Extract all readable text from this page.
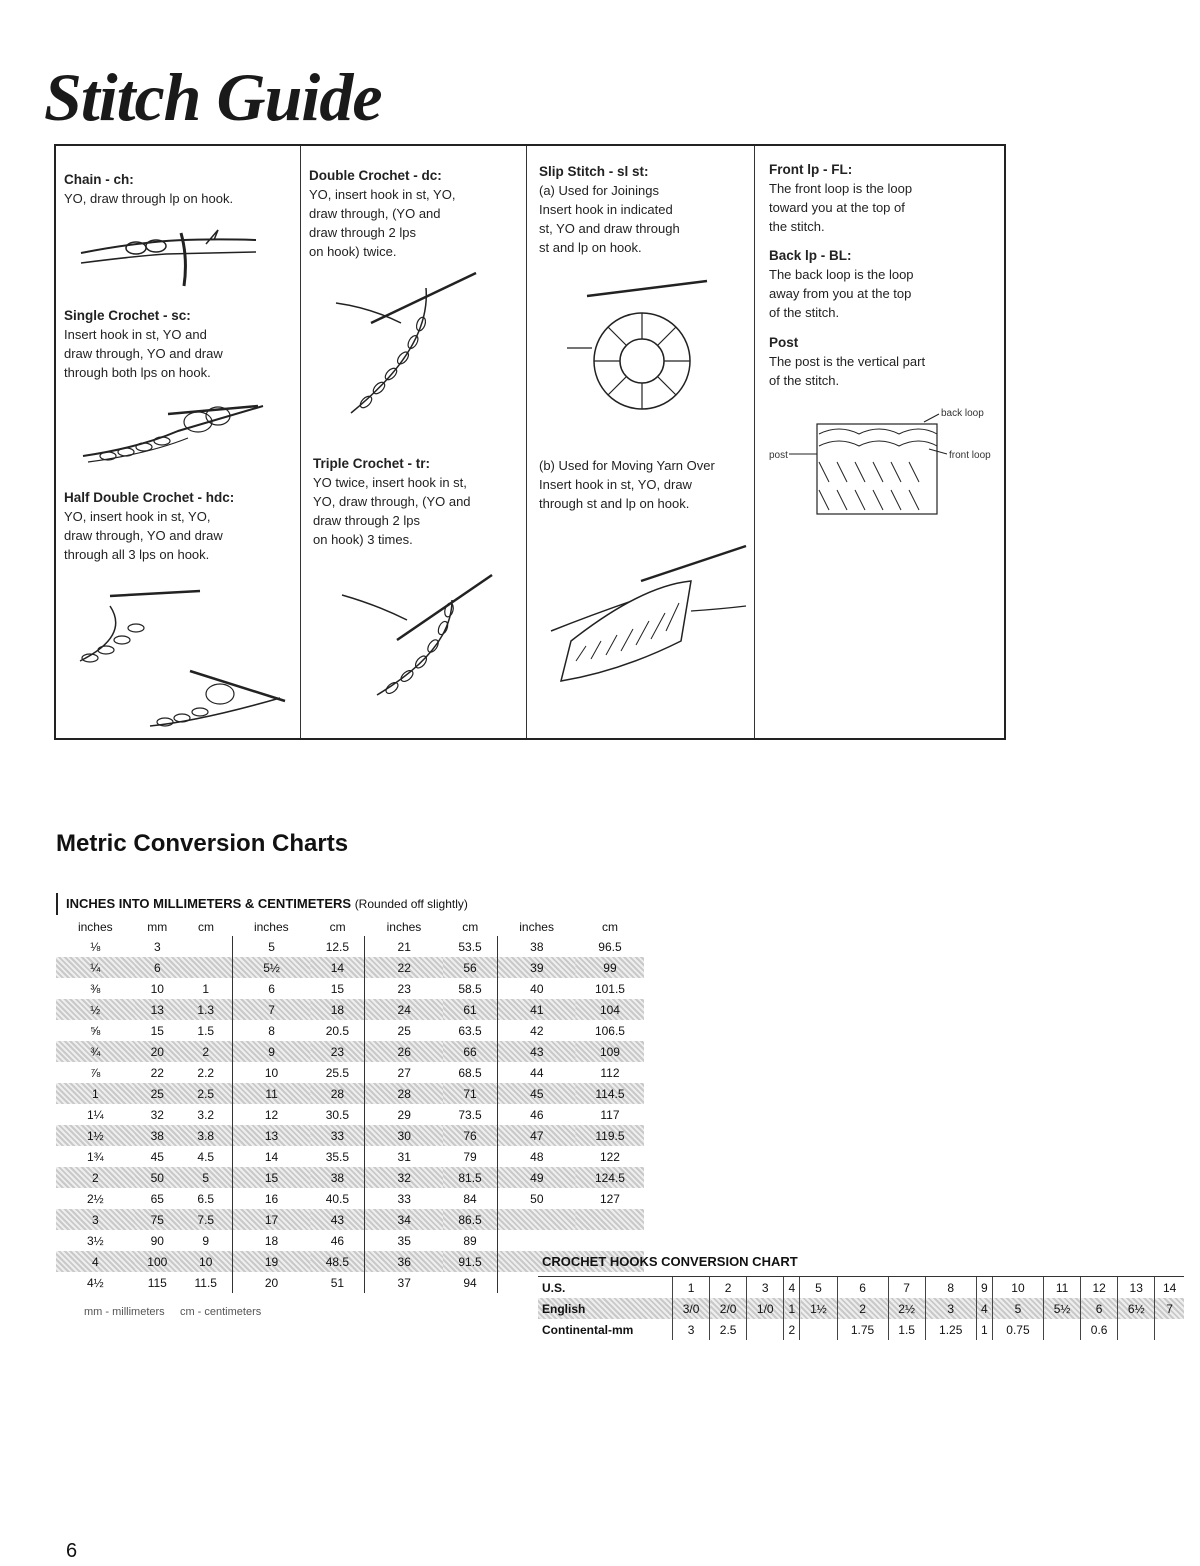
Stitch Guide
Chain - ch:
YO, draw through lp on hook.
Single Crochet - sc:
Insert hook in st, YO and
draw through, YO and draw
through both lps on hook.
Half Double Crochet - hdc:
YO, insert hook in st, YO,
draw through, YO and draw
through all 3 lps on hook.
Double Crochet - dc:
YO, insert hook in st, YO,
draw through, (YO and
draw through 2 lps
on hook) twice.
Triple Crochet - tr:
YO twice, insert hook in st,
YO, draw through, (YO and
draw through 2 lps
on hook) 3 times.
Slip Stitch - sl st:
(a) Used for Joinings
Insert hook in indicated
st, YO and draw through
st and lp on hook.
(b) Used for Moving Yarn Over
Insert hook in st, YO, draw
through st and lp on hook.
Front lp - FL:
The front loop is the loop
toward you at the top of
the stitch.
Back lp - BL:
The back loop is the loop
away from you at the top
of the stitch.
Post
The post is the vertical part
of the stitch.
back loop
front loop
post
Metric Conversion Charts
INCHES INTO MILLIMETERS & CENTIMETERS (Rounded off slightly)
inches	mm	cm	inches	cm	inches	cm	inches	cm
⅛	3		5	12.5	21	53.5	38	96.5
¼	6		5½	14	22	56	39	99
⅜	10	1	6	15	23	58.5	40	101.5
½	13	1.3	7	18	24	61	41	104
⅝	15	1.5	8	20.5	25	63.5	42	106.5
¾	20	2	9	23	26	66	43	109
⅞	22	2.2	10	25.5	27	68.5	44	112
1	25	2.5	11	28	28	71	45	114.5
1¼	32	3.2	12	30.5	29	73.5	46	117
1½	38	3.8	13	33	30	76	47	119.5
1¾	45	4.5	14	35.5	31	79	48	122
2	50	5	15	38	32	81.5	49	124.5
2½	65	6.5	16	40.5	33	84	50	127
3	75	7.5	17	43	34	86.5		
3½	90	9	18	46	35	89		
4	100	10	19	48.5	36	91.5		
4½	115	11.5	20	51	37	94		
mm - millimeters     cm - centimeters
CROCHET HOOKS CONVERSION CHART
U.S.	1	2	3	4	5	6	7	8	9	10	11	12	13	14
English	3/0	2/0	1/0	1	1½	2	2½	3	4	5	5½	6	6½	7
Continental-mm	3	2.5		2		1.75	1.5	1.25	1	0.75		0.6		
6
